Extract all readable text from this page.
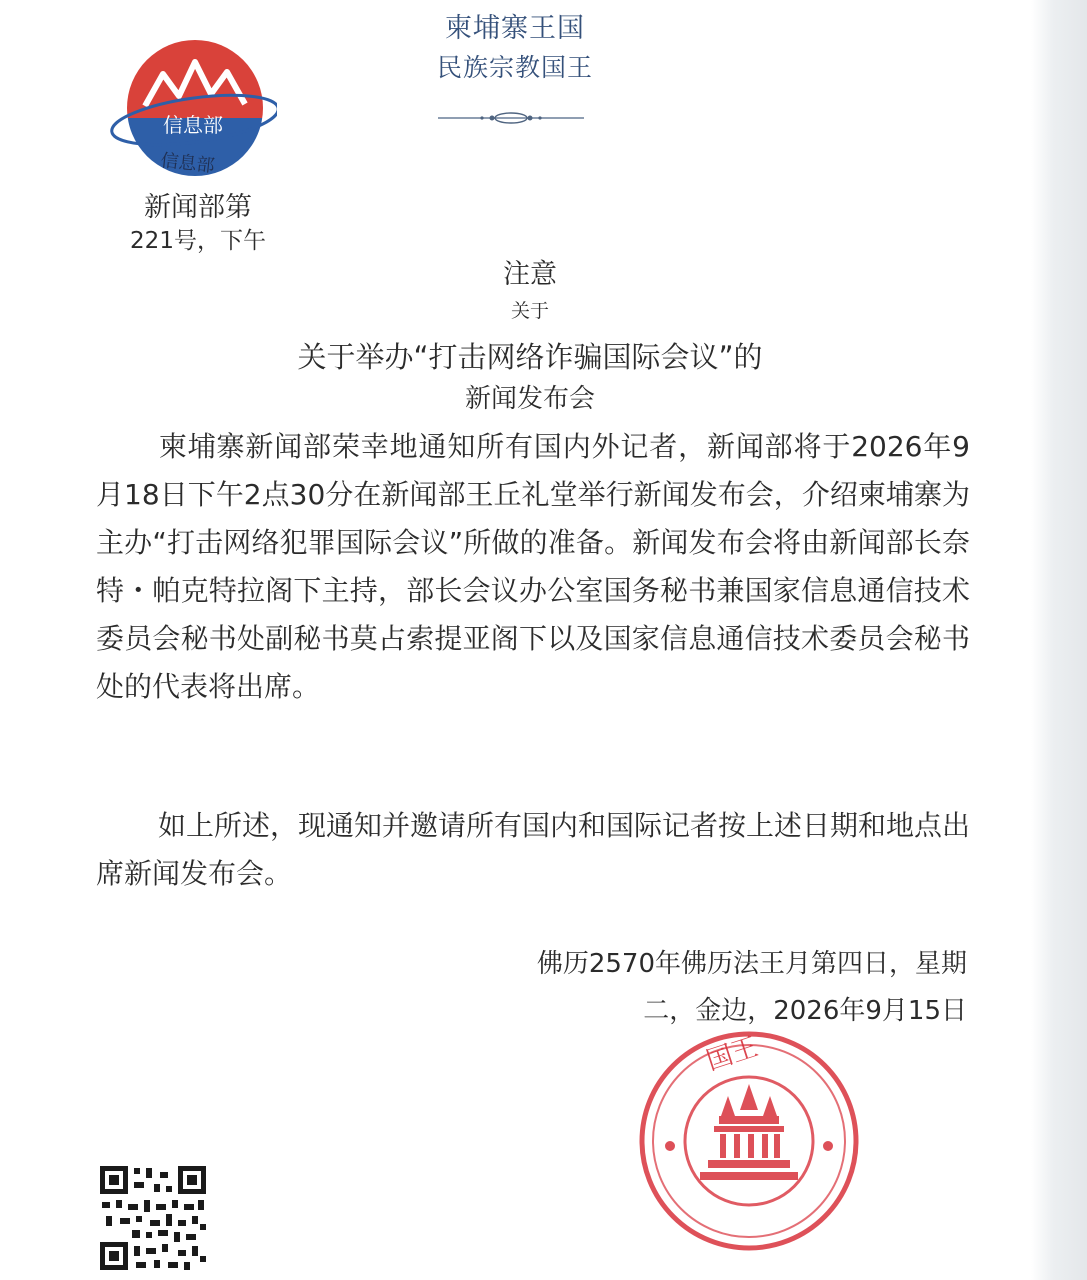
柬埔寨王国
民族宗教国王
信息部
信息部
新闻部第
221号，下午
注意
关于
关于举办“打击网络诈骗国际会议”的
新闻发布会
柬埔寨新闻部荣幸地通知所有国内外记者，新闻部将于2026年9月18日下午2点30分在新闻部王丘礼堂举行新闻发布会，介绍柬埔寨为主办“打击网络犯罪国际会议”所做的准备。新闻发布会将由新闻部长奈特・帕克特拉阁下主持，部长会议办公室国务秘书兼国家信息通信技术委员会秘书处副秘书莫占索提亚阁下以及国家信息通信技术委员会秘书处的代表将出席。
如上所述，现通知并邀请所有国内和国际记者按上述日期和地点出席新闻发布会。
佛历2570年佛历法王月第四日，星期
二，金边，2026年9月15日
国王
